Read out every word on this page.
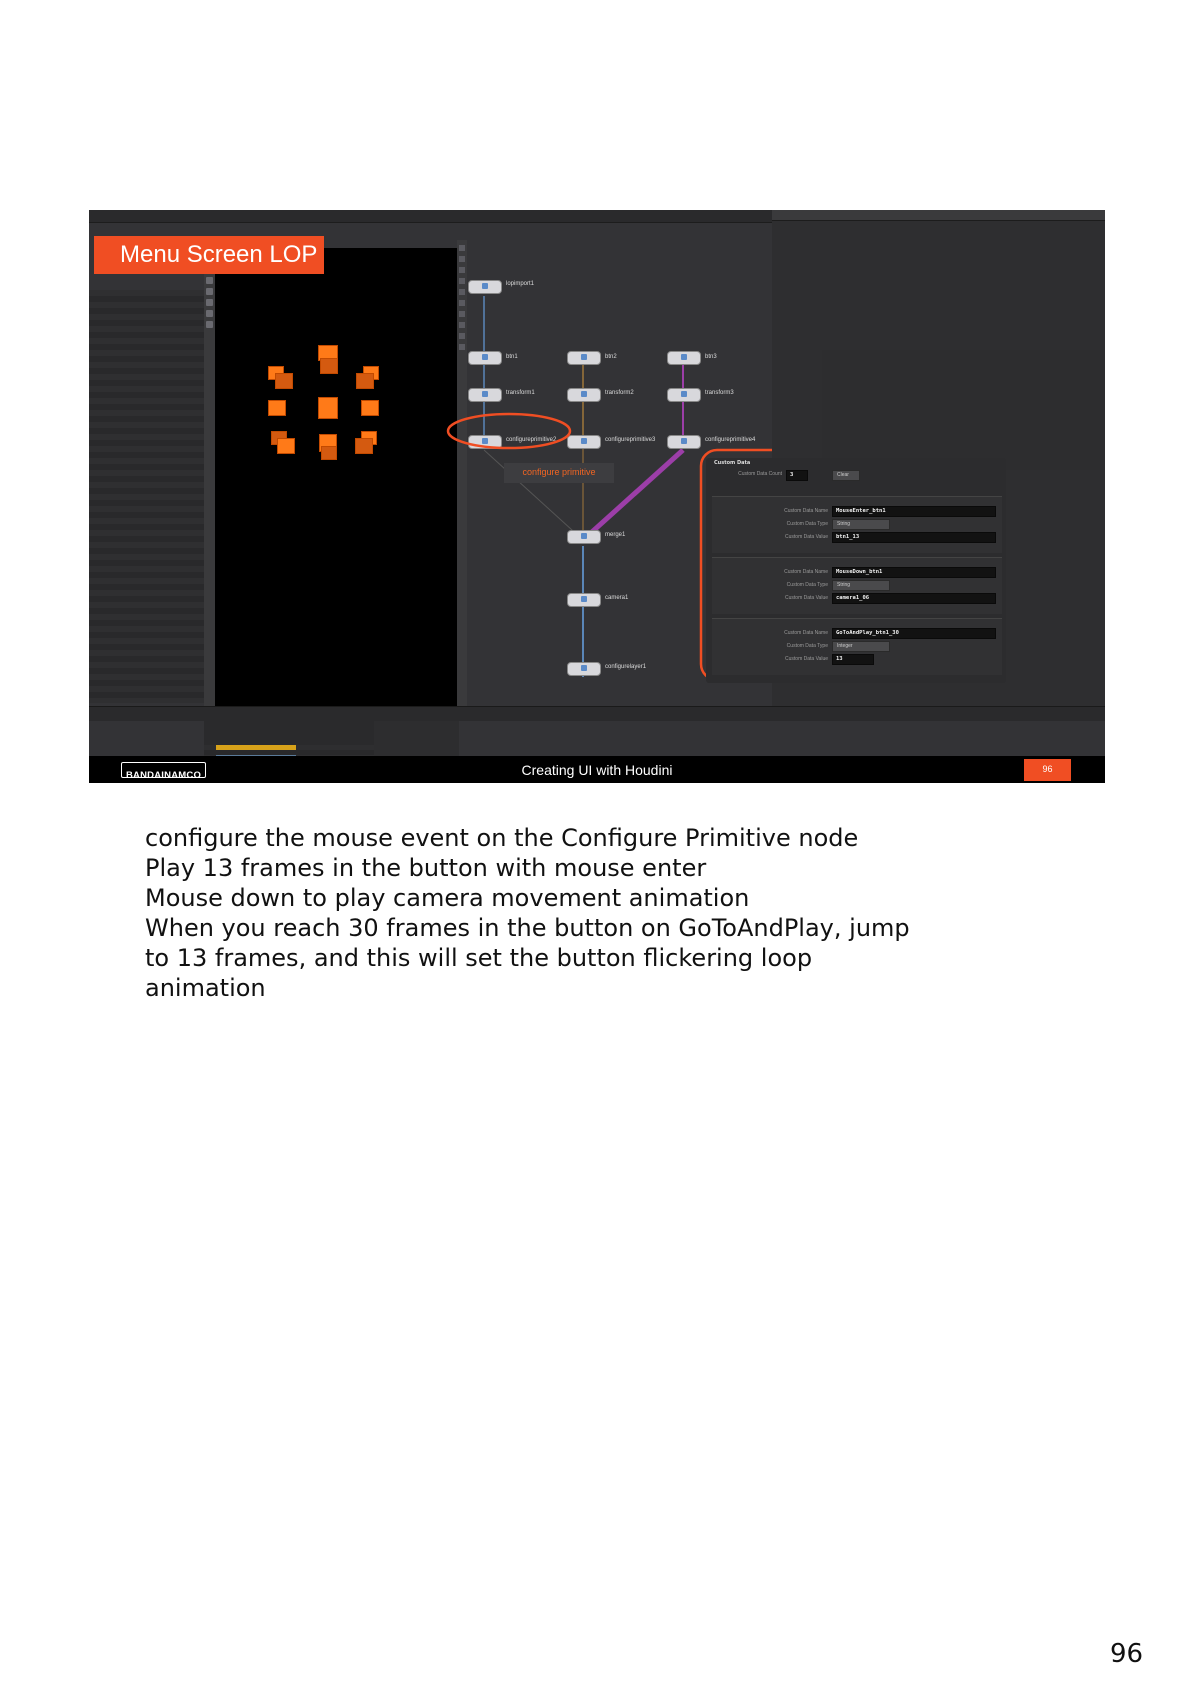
Menu Screen LOP
lopimport1
btn1	btn2	btn3
transform1	transform2	transform3
configureprimitive2	configureprimitive3	configureprimitive4
merge1
camera1
configurelayer1
configure primitive
Custom Data
Custom Data Count 3	Clear
Custom Data Name MouseEnter_btn1
Custom Data Type String
Custom Data Value btn1_13
Custom Data Name MouseDown_btn1
Custom Data Type String
Custom Data Value camera1_06
Custom Data Name GoToAndPlay_btn1_30
Custom Data Type Integer
Custom Data Value 13
BANDAINAMCO	Creating UI with Houdini	96
configure the mouse event on the Configure Primitive node
Play 13 frames in the button with mouse enter
Mouse down to play camera movement animation
When you reach 30 frames in the button on GoToAndPlay, jump
to 13 frames, and this will set the button flickering loop
animation
96
